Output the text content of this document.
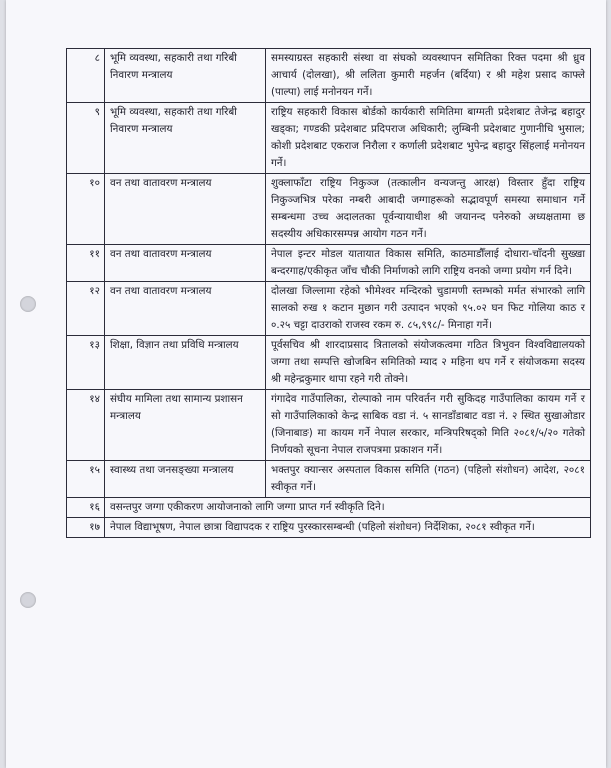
८	भूमि व्यवस्था, सहकारी तथा गरिबी निवारण मन्त्रालय	समस्याग्रस्त सहकारी संस्था वा संघको व्यवस्थापन समितिका रिक्त पदमा श्री ध्रुव आचार्य (दोलखा), श्री ललिता कुमारी महर्जन (बर्दिया) र श्री महेश प्रसाद काफ्ले (पाल्पा) लाई मनोनयन गर्ने।
९	भूमि व्यवस्था, सहकारी तथा गरिबी निवारण मन्त्रालय	राष्ट्रिय सहकारी विकास बोर्डको कार्यकारी समितिमा बाग्मती प्रदेशबाट तेजेन्द्र बहादुर खड्का; गण्डकी प्रदेशबाट प्रदिपराज अधिकारी; लुम्बिनी प्रदेशबाट गुणानीधि भुसाल; कोशी प्रदेशबाट एकराज निरौला र कर्णाली प्रदेशबाट भुपेन्द्र बहादुर सिंहलाई मनोनयन गर्ने।
१०	वन तथा वातावरण मन्त्रालय	शुक्लाफाँटा राष्ट्रिय निकुञ्ज (तत्कालीन वन्यजन्तु आरक्ष) विस्तार हुँदा राष्ट्रिय निकुञ्जभित्र परेका नम्बरी आबादी जग्गाहरूको सद्भावपूर्ण समस्या समाधान गर्ने सम्बन्धमा उच्च अदालतका पूर्वन्यायाधीश श्री जयानन्द पनेरुको अध्यक्षतामा छ सदस्यीय अधिकारसम्पन्न आयोग गठन गर्ने।
११	वन तथा वातावरण मन्त्रालय	नेपाल इन्टर मोडल यातायात विकास समिति, काठमाडौँलाई दोधारा-चाँदनी सुख्खा बन्दरगाह/एकीकृत जाँच चौकी निर्माणको लागि राष्ट्रिय वनको जग्गा प्रयोग गर्न दिने।
१२	वन तथा वातावरण मन्त्रालय	दोलखा जिल्लामा रहेको भीमेश्वर मन्दिरको चुडामणी स्तम्भको मर्मत संभारको लागि सालको रुख १ कटान मुछान गरी उत्पादन भएको ९५.०२ घन फिट गोलिया काठ र ०.२५ चट्टा दाउराको राजस्व रकम रु. ८५,९९८/- मिनाहा गर्ने।
१३	शिक्षा, विज्ञान तथा प्रविधि मन्त्रालय	पूर्वसचिव श्री शारदाप्रसाद त्रितालको संयोजकत्वमा गठित त्रिभुवन विश्वविद्यालयको जग्गा तथा सम्पत्ति खोजबिन समितिको म्याद २ महिना थप गर्ने र संयोजकमा सदस्य श्री महेन्द्रकुमार थापा रहने गरी तोक्ने।
१४	संघीय मामिला तथा सामान्य प्रशासन मन्त्रालय	गंगादेव गाउँपालिका, रोल्पाको नाम परिवर्तन गरी सुकिदह गाउँपालिका कायम गर्ने र सो गाउँपालिकाको केन्द्र साबिक वडा नं. ५ सानडाँडाबाट वडा नं. २ स्थित सुखाओडार (जिनाबाङ) मा कायम गर्ने नेपाल सरकार, मन्त्रिपरिषद्को मिति २०८१/५/२० गतेको निर्णयको सूचना नेपाल राजपत्रमा प्रकाशन गर्ने।
१५	स्वास्थ्य तथा जनसङ्ख्या मन्त्रालय	भक्तपुर क्यान्सर अस्पताल विकास समिति (गठन) (पहिलो संशोधन) आदेश, २०८१ स्वीकृत गर्ने।
१६	वसन्तपुर जग्गा एकीकरण आयोजनाको लागि जग्गा प्राप्त गर्न स्वीकृति दिने।	
१७	नेपाल विद्याभूषण, नेपाल छात्रा विद्यापदक र राष्ट्रिय पुरस्कारसम्बन्धी (पहिलो संशोधन) निर्देशिका, २०८१ स्वीकृत गर्ने।	
